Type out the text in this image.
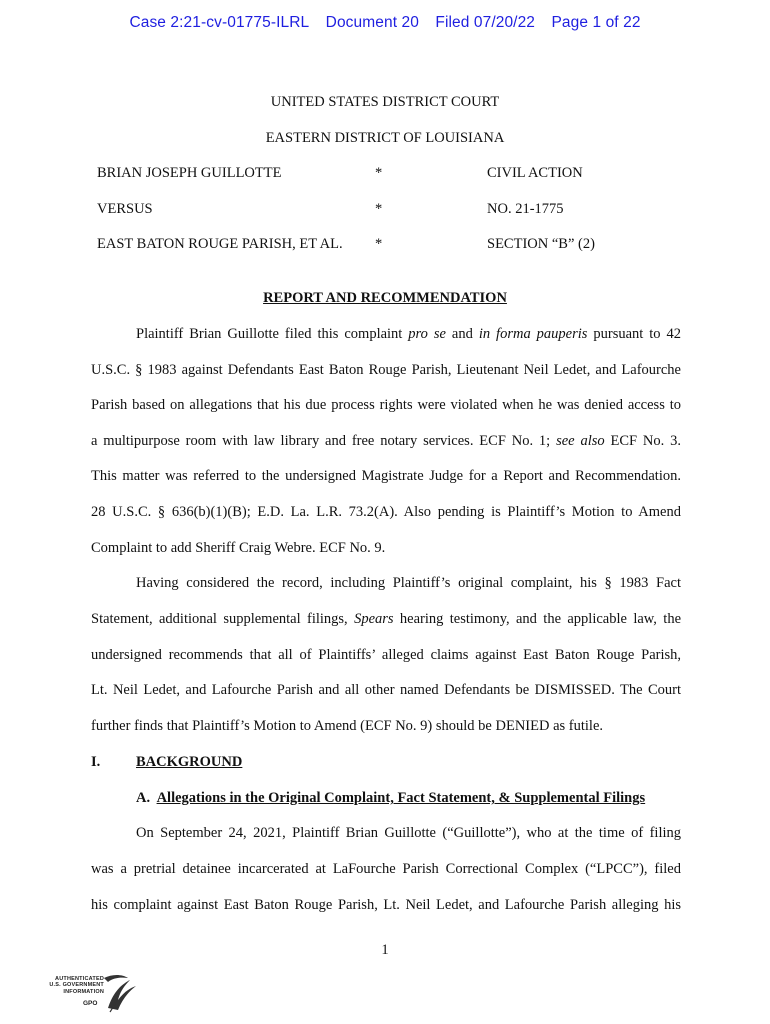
Case 2:21-cv-01775-ILRL Document 20 Filed 07/20/22 Page 1 of 22
UNITED STATES DISTRICT COURT
EASTERN DISTRICT OF LOUISIANA
BRIAN JOSEPH GUILLOTTE	*	CIVIL ACTION
VERSUS	*	NO. 21-1775
EAST BATON ROUGE PARISH, ET AL. *	SECTION “B” (2)
REPORT AND RECOMMENDATION
Plaintiff Brian Guillotte filed this complaint pro se and in forma pauperis pursuant to 42
U.S.C. § 1983 against Defendants East Baton Rouge Parish, Lieutenant Neil Ledet, and Lafourche
Parish based on allegations that his due process rights were violated when he was denied access to
a multipurpose room with law library and free notary services. ECF No. 1; see also ECF No. 3.
This matter was referred to the undersigned Magistrate Judge for a Report and Recommendation.
28 U.S.C. § 636(b)(1)(B); E.D. La. L.R. 73.2(A). Also pending is Plaintiff’s Motion to Amend
Complaint to add Sheriff Craig Webre. ECF No. 9.
Having considered the record, including Plaintiff’s original complaint, his § 1983 Fact
Statement, additional supplemental filings, Spears hearing testimony, and the applicable law, the
undersigned recommends that all of Plaintiffs’ alleged claims against East Baton Rouge Parish,
Lt. Neil Ledet, and Lafourche Parish and all other named Defendants be DISMISSED. The Court
further finds that Plaintiff’s Motion to Amend (ECF No. 9) should be DENIED as futile.
I. BACKGROUND
A. Allegations in the Original Complaint, Fact Statement, & Supplemental Filings
On September 24, 2021, Plaintiff Brian Guillotte (“Guillotte”), who at the time of filing
was a pretrial detainee incarcerated at LaFourche Parish Correctional Complex (“LPCC”), filed
his complaint against East Baton Rouge Parish, Lt. Neil Ledet, and Lafourche Parish alleging his
1
AUTHENTICATED
U.S. GOVERNMENT
INFORMATION
GPO
